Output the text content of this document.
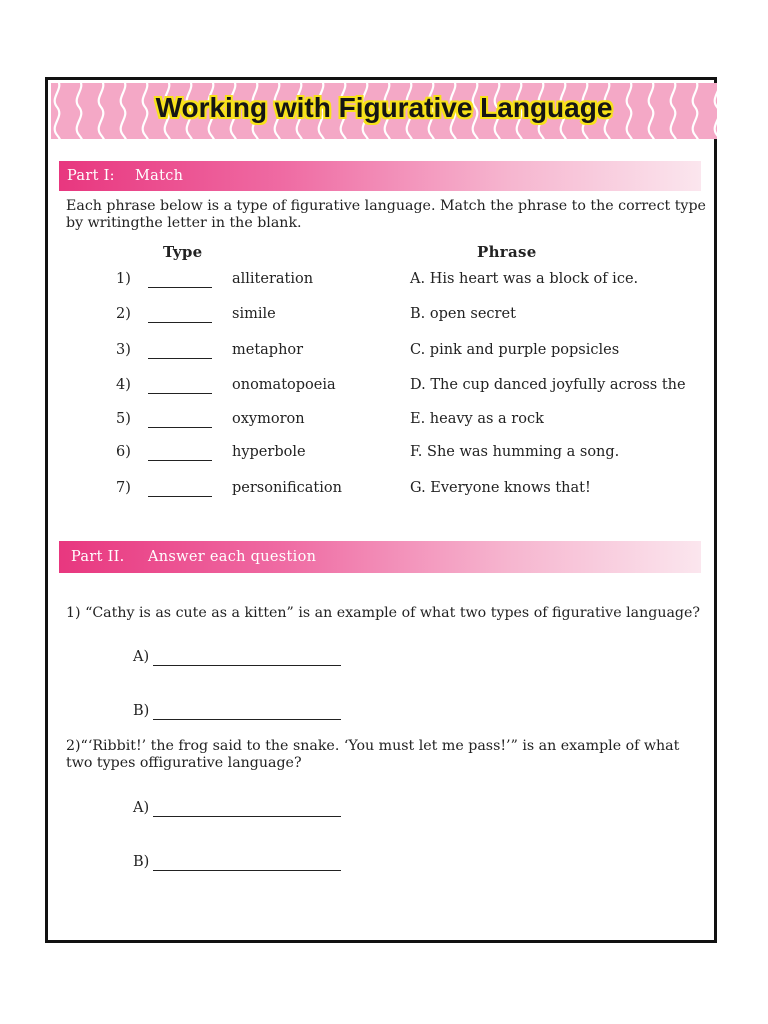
Working with Figurative Language
Part I: Match
Each phrase below is a type of figurative language. Match the phrase to the correct type by writingthe letter in the blank.
Type	Phrase
1)	alliteration	A. His heart was a block of ice.
2)	simile	B. open secret
3)	metaphor	C. pink and purple popsicles
4)	onomatopoeia	D. The cup danced joyfully across the
5)	oxymoron	E. heavy as a rock
6)	hyperbole	F. She was humming a song.
7)	personification	G. Everyone knows that!
Part II. Answer each question
1) “Cathy is as cute as a kitten” is an example of what two types of figurative language?
A)
B)
2)“‘Ribbit!’ the frog said to the snake. ‘You must let me pass!’” is an example of what two types offigurative language?
A)
B)
